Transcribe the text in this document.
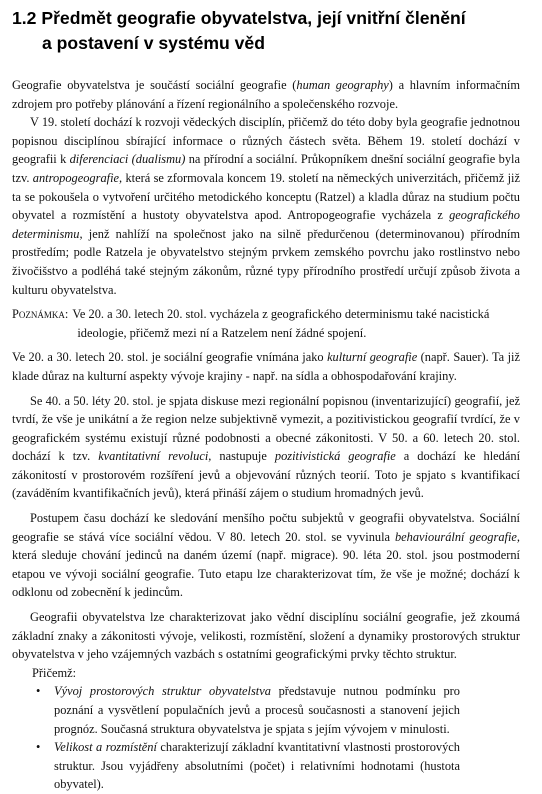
1.2 Předmět geografie obyvatelstva, její vnitřní členění
a postavení v systému věd

Geografie obyvatelstva je součástí sociální geografie (human geography) a hlavním informačním zdrojem pro potřeby plánování a řízení regionálního a společenského rozvoje.

V 19. století dochází k rozvoji vědeckých disciplín, přičemž do této doby byla geografie jednotnou popisnou disciplínou sbírající informace o různých částech světa. Během 19. století dochází v geografii k diferenciaci (dualismu) na přírodní a sociální. Průkopníkem dnešní sociální geografie byla tzv. antropogeografie, která se zformovala koncem 19. století na německých univerzitách, přičemž již ta se pokoušela o vytvoření určitého metodického konceptu (Ratzel) a kladla důraz na studium počtu obyvatel a rozmístění a hustoty obyvatelstva apod. Antropogeografie vycházela z geografického determinismu, jenž nahlíží na společnost jako na silně předurčenou (determinovanou) přírodním prostředím; podle Ratzela je obyvatelstvo stejným prvkem zemského povrchu jako rostlinstvo nebo živočišstvo a podléhá také stejným zákonům, různé typy přírodního prostředí určují způsob života a kulturu obyvatelstva.

Poznámka: Ve 20. a 30. letech 20. stol. vycházela z geografického determinismu také nacistická
ideologie, přičemž mezi ní a Ratzelem není žádné spojení.

Ve 20. a 30. letech 20. stol. je sociální geografie vnímána jako kulturní geografie (např. Sauer). Ta již klade důraz na kulturní aspekty vývoje krajiny - např. na sídla a obhospodařování krajiny.

Se 40. a 50. léty 20. stol. je spjata diskuse mezi regionální popisnou (inventarizující) geografií, jež tvrdí, že vše je unikátní a že region nelze subjektivně vymezit, a pozitivistickou geografií tvrdící, že v geografickém systému existují různé podobnosti a obecné zákonitosti. V 50. a 60. letech 20. stol. dochází k tzv. kvantitativní revoluci, nastupuje pozitivistická geografie a dochází ke hledání zákonitostí v prostorovém rozšíření jevů a objevování různých teorií. Toto je spjato s kvantifikací (zaváděním kvantifikačních jevů), která přináší zájem o studium hromadných jevů.

Postupem času dochází ke sledování menšího počtu subjektů v geografii obyvatelstva. Sociální geografie se stává více sociální vědou. V 80. letech 20. stol. se vyvinula behaviourální geografie, která sleduje chování jedinců na daném území (např. migrace). 90. léta 20. stol. jsou postmoderní etapou ve vývoji sociální geografie. Tuto etapu lze charakterizovat tím, že vše je možné; dochází k odklonu od zobecnění k jedincům.

Geografii obyvatelstva lze charakterizovat jako vědní disciplínu sociální geografie, jež zkoumá základní znaky a zákonitosti vývoje, velikosti, rozmístění, složení a dynamiky prostorových struktur obyvatelstva v jeho vzájemných vazbách s ostatními geografickými prvky těchto struktur.

Přičemž:

• Vývoj prostorových struktur obyvatelstva představuje nutnou podmínku pro poznání a vysvětlení populačních jevů a procesů současnosti a stanovení jejich prognóz. Současná struktura obyvatelstva je spjata s jejím vývojem v minulosti.
• Velikost a rozmístění charakterizují základní kvantitativní vlastnosti prostorových struktur. Jsou vyjádřeny absolutními (počet) i relativními hodnotami (hustota obyvatel).
